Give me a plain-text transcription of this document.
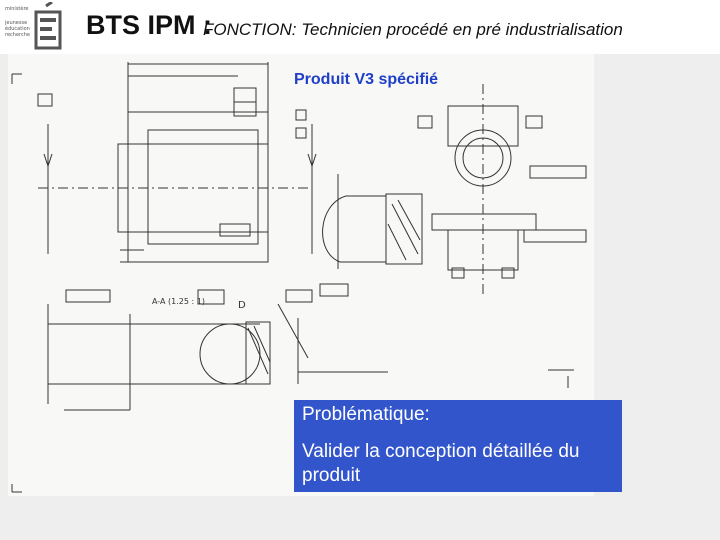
ministère
jeunesse
éducation
recherche BTS IPM :
FONCTION: Technicien procédé en pré industrialisation
Produit V3 spécifié
A-A (1.25 : 1)	D
Problématique:
Valider la conception détaillée du produit
